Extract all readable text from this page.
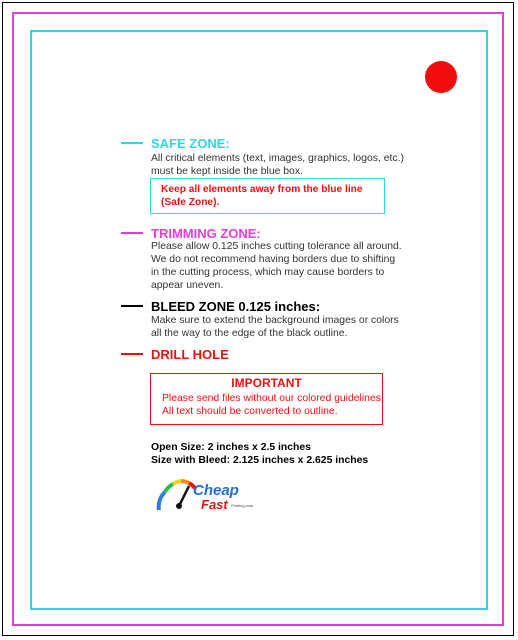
SAFE ZONE:
All critical elements (text, images, graphics, logos, etc.)
must be kept inside the blue box.
Keep all elements away from the blue line
(Safe Zone).
TRIMMING ZONE:
Please allow 0.125 inches cutting tolerance all around.
We do not recommend having borders due to shifting
in the cutting process, which may cause borders to
appear uneven.
BLEED ZONE 0.125 inches:
Make sure to extend the background images or colors
all the way to the edge of the black outline.
DRILL HOLE
IMPORTANT
Please send files without our colored guidelines.
All text should be converted to outline.
Open Size: 2 inches x 2.5 inches
Size with Bleed: 2.125 inches x 2.625 inches
Cheap
Fast Printing.com
